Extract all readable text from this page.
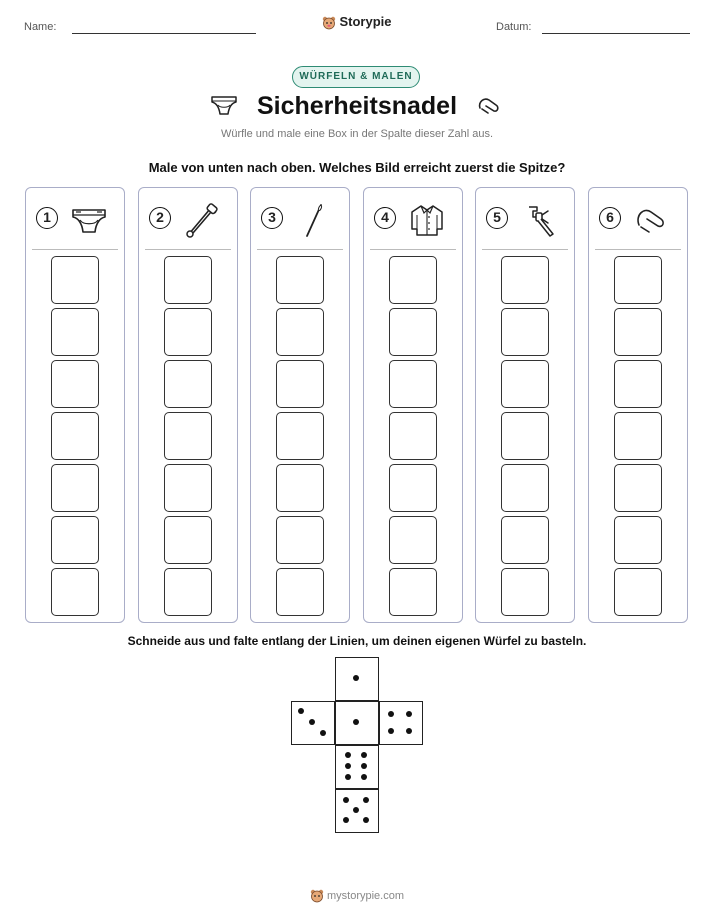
Name:	Storypie	Datum:
WÜRFELN & MALEN
Sicherheitsnadel
Würfle und male eine Box in der Spalte dieser Zahl aus.
Male von unten nach oben. Welches Bild erreicht zuerst die Spitze?
1	2	3	4	5	6
Schneide aus und falte entlang der Linien, um deinen eigenen Würfel zu basteln.
mystorypie.com
